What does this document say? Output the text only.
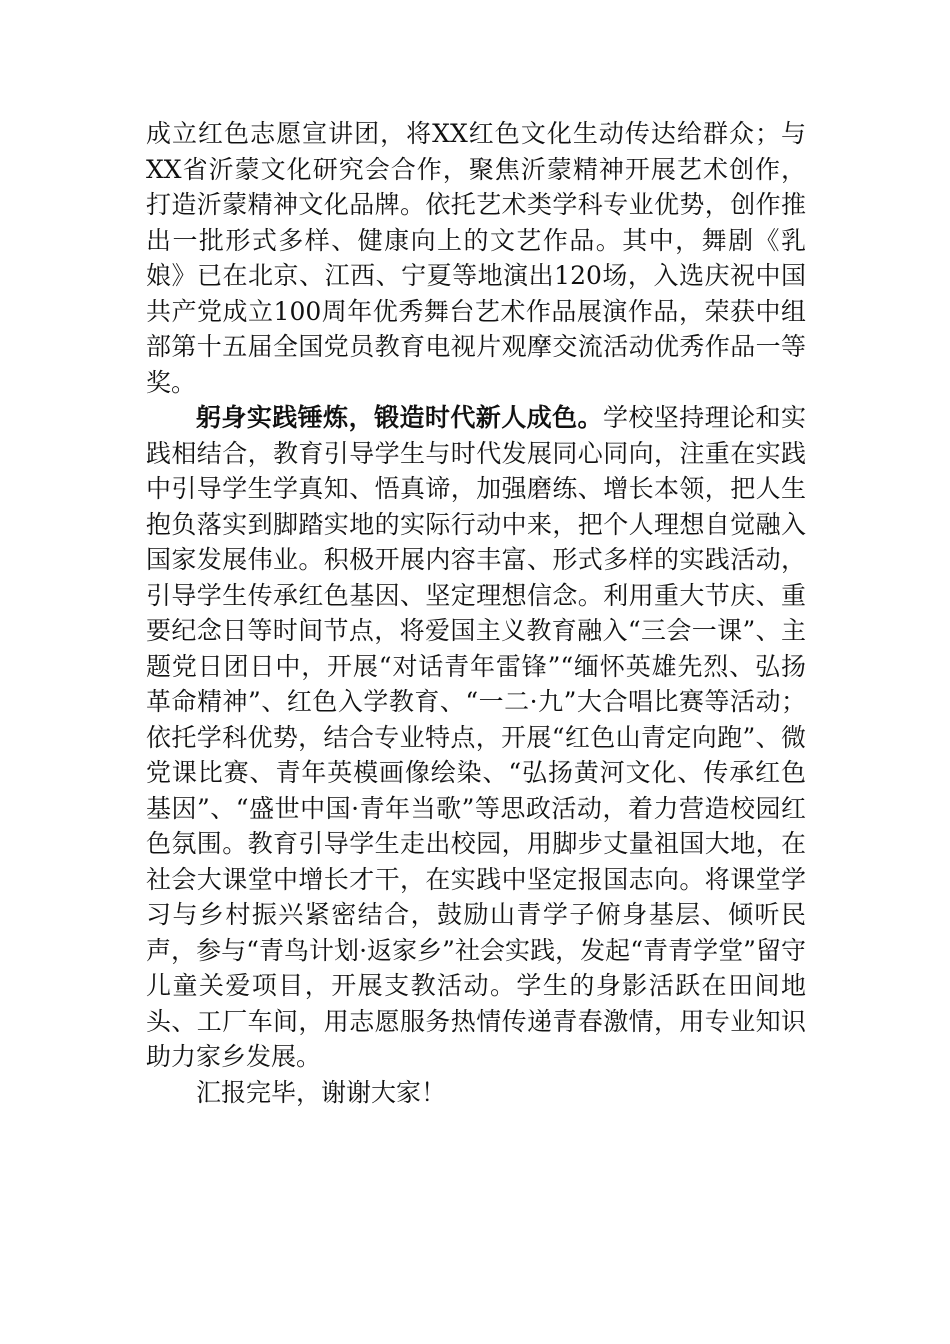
成立红色志愿宣讲团，将XX红色文化生动传达给群众；与XX省沂蒙文化研究会合作，聚焦沂蒙精神开展艺术创作，打造沂蒙精神文化品牌。依托艺术类学科专业优势，创作推出一批形式多样、健康向上的文艺作品。其中，舞剧《乳娘》已在北京、江西、宁夏等地演出120场，入选庆祝中国共产党成立100周年优秀舞台艺术作品展演作品，荣获中组部第十五届全国党员教育电视片观摩交流活动优秀作品一等奖。

躬身实践锤炼，锻造时代新人成色。学校坚持理论和实践相结合，教育引导学生与时代发展同心同向，注重在实践中引导学生学真知、悟真谛，加强磨练、增长本领，把人生抱负落实到脚踏实地的实际行动中来，把个人理想自觉融入国家发展伟业。积极开展内容丰富、形式多样的实践活动，引导学生传承红色基因、坚定理想信念。利用重大节庆、重要纪念日等时间节点，将爱国主义教育融入“三会一课”、主题党日团日中，开展“对话青年雷锋”“缅怀英雄先烈、弘扬革命精神”、红色入学教育、“一二·九”大合唱比赛等活动；依托学科优势，结合专业特点，开展“红色山青定向跑”、微党课比赛、青年英模画像绘染、“弘扬黄河文化、传承红色基因”、“盛世中国·青年当歌”等思政活动，着力营造校园红色氛围。教育引导学生走出校园，用脚步丈量祖国大地，在社会大课堂中增长才干，在实践中坚定报国志向。将课堂学习与乡村振兴紧密结合，鼓励山青学子俯身基层、倾听民声，参与“青鸟计划·返家乡”社会实践，发起“青青学堂”留守儿童关爱项目，开展支教活动。学生的身影活跃在田间地头、工厂车间，用志愿服务热情传递青春激情，用专业知识助力家乡发展。

汇报完毕，谢谢大家！
